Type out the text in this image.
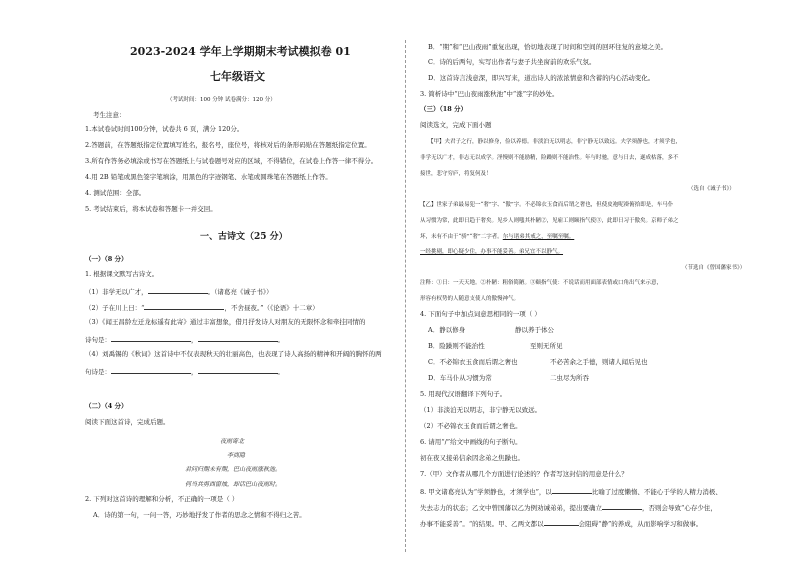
2023-2024 学年上学期期末考试模拟卷 01
七年级语文
（考试时间：100 分钟 试卷满分：120 分）
考生注意：
1.本试卷试时间100分钟，试卷共 6 页，满分 120分。
2.答题前，在答题纸指定位置填写姓名，报名号，座位号，将核对后的条形码贴在答题纸指定位置。
3.所有作答务必填涂或书写在答题纸上与试卷题号对应的区域，不得错位，在试卷上作答一律不得分。
4.用 2B 铅笔或黑色签字笔填涂，用黑色的字迹钢笔、水笔或圆珠笔在答题纸上作答。
4. 测试范围：全部。
5. 考试结束后，将本试卷和答题卡一并交回。
一、古诗文（25 分）
（一）（8 分）
1. 根据课文默写古诗文。
（1）非学无以广才，	。（诸葛亮《诫子书》）
（2）子在川上曰：“	，不舍昼夜。”（《论语》十二章）
（3）《闻王昌龄左迁龙标遥有此寄》通过丰富想象，借月抒发诗人对朋友的无限怀念和牵挂同情的
诗句是：	，	。
（4）刘禹锡的《秋词》这首诗中不仅表现秋天的壮丽高色，也表现了诗人高扬的精神和开阔的胸怀的两
句诗是：	，	。
（二）（4 分）
阅读下面这首诗，完成后题。
夜雨寄北
李商隐
君问归期未有期，巴山夜雨涨秋池。
何当共剪西窗烛，却话巴山夜雨时。
2. 下列对这首诗的理解和分析，不正确的一项是（ ）
A．诗的第一句，一问一答，巧妙地抒发了作者的思念之情和不得归之苦。
B．“期”和“巴山夜雨”重复出现，恰切地表现了时间和空间的回环往复的意境之美。
C．诗的后两句，实写出作者与妻子共坐窗前的欢乐气氛。
D．这首诗言浅意深，即兴写来，道出诗人的浓浓情意和含蓄的内心活动变化。
3. 简析诗中“巴山夜雨涨秋池”中“涨”字的妙处。
（三）（18 分）
阅读选文，完成下面小题
【甲】夫君子之行，静以修身，俭以养德。非淡泊无以明志，非宁静无以致远。夫学须静也，才须学也，
非学无以广才，非志无以成学。淫慢则不能励精，险躁则不能治性。年与时驰，意与日去，遂成枯落，多不
接世，悲守穷庐，将复何及！
（选自《诫子书》）
【乙】世家子弟最易犯一“奢”字、“傲”字。不必锦衣玉食而后谓之奢也，但使皮袍呢褂俯拾即是，车马仆
从习惯为常，此即日趋于奢矣。见乡人则嗤其朴陋②，见雇工则颐指气使③，此即日习于傲矣。京师子弟之
坏，未有不由于“骄”“奢”二字者。尔与诸弟其戒之，至嘱至嘱。
一经挑剔，即心疑少住，办事不能妥善。弟兄宜不以静气。
（节选自《曾国藩家书》）
注释：①日：一天天地。②朴陋：粗俗简陋。③颐指气使：不说话而用面部表情或口角出气来示意，
形容有权势的人随意支使人的傲慢神气。
4. 下面句子中加点词意思相同的一项（ ）
A．静以修身	静以养于体公
B．险躁则不能治性	至则无所见
C．不必锦衣玉食而后谓之奢也	不必苦余之手德，则诸人闻后见也
D．车马仆从习惯为常	二虫尽为所吞
5. 用现代汉语翻译下列句子。
（1）非淡泊无以明志，非宁静无以致远。
（2）不必锦衣玉食而后谓之奢也。
6. 请用“/”给文中画线的句子断句。
初在夜又接弟信余因念弟之焦躁也。
7.（甲）文作者从哪几个方面进行论述的？作者写这封信的用意是什么？
8. 甲文诸葛亮认为“学须静也，才须学也”，以	比喻了过度懒惰、不能心于学的人精力消极、
失去志力的状态；乙文中曾国藩以乙为例劝诫弟弟，提出要确立	，否则会导致“心存少住，
办事不能妥善”。“的结果。甲、乙两文都以	会阻碍“静”的养成，从而影响学习和做事。
